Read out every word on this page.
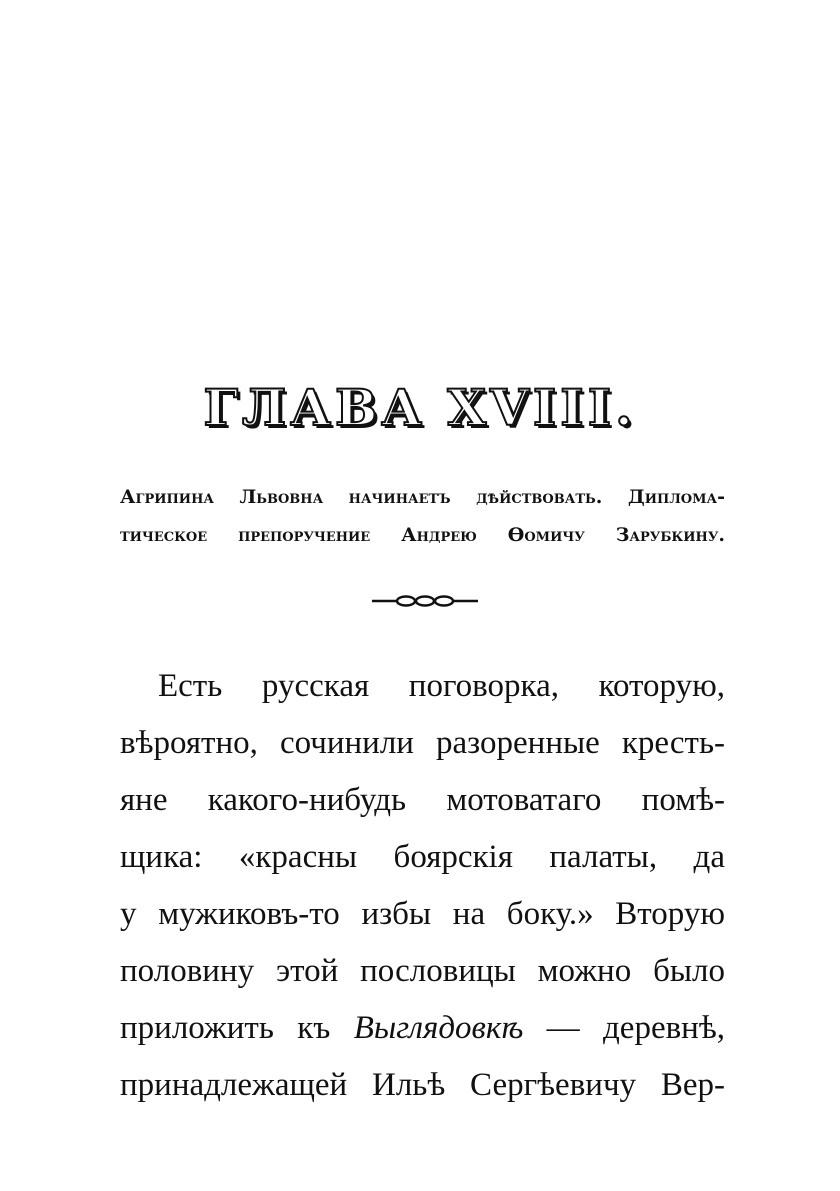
ГЛАВА XVIII.

Агрипина Львовна начинаетъ дѣйствовать. Диплома-
тическое препоручение Андрею Ѳомичу Зарубкину.

Есть русская поговорка, которую,
вѣроятно, сочинили разоренные кресть-
яне какого-нибудь мотоватаго помѣ-
щика: «красны боярскія палаты, да
у мужиковъ-то избы на боку.» Вторую
половину этой пословицы можно было
приложить къ Выглядовкѣ — деревнѣ,
принадлежащей Ильѣ Сергѣевичу Вер-
